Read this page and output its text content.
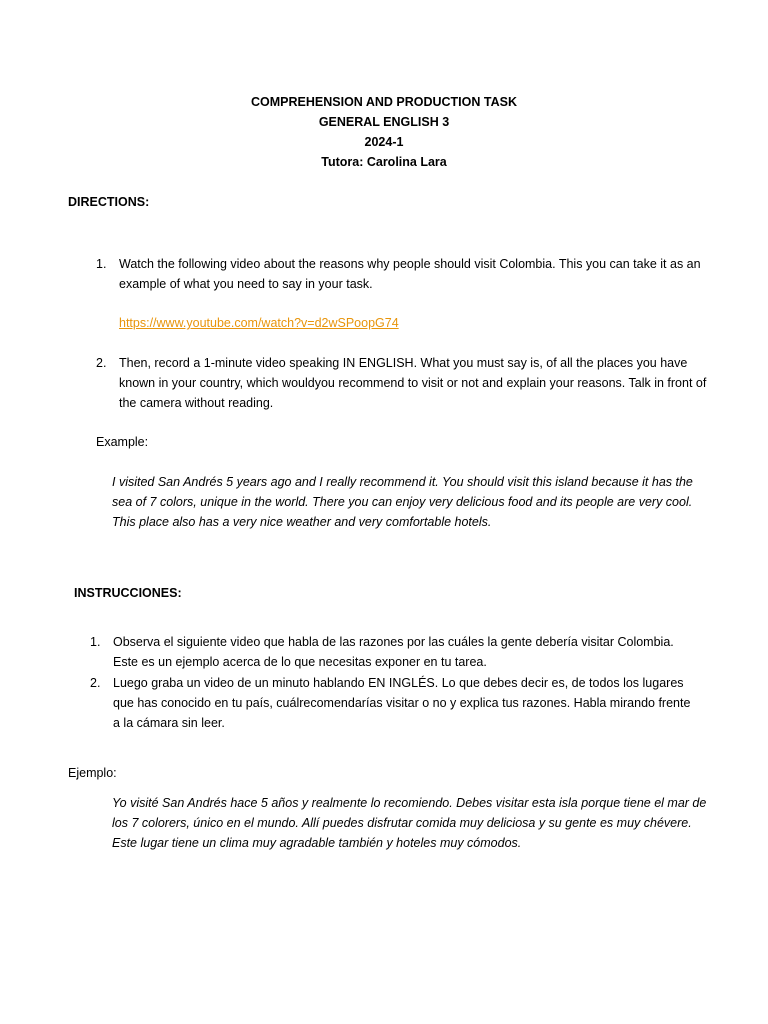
COMPREHENSION AND PRODUCTION TASK
GENERAL ENGLISH 3
2024-1
Tutora: Carolina Lara
DIRECTIONS:
1.	Watch the following video about the reasons why people should visit Colombia. This you can take it as an example of what you need to say in your task.
https://www.youtube.com/watch?v=d2wSPoopG74
2.	Then, record a 1-minute video speaking IN ENGLISH. What you must say is, of all the places you have known in your country, which wouldyou recommend to visit or not and explain your reasons. Talk in front of the camera without reading.
Example:
I visited San Andrés 5 years ago and I really recommend it. You should visit this island because it has the sea of 7 colors, unique in the world. There you can enjoy very delicious food and its people are very cool. This place also has a very nice weather and very comfortable hotels.
INSTRUCCIONES:
1.	Observa el siguiente video que habla de las razones por las cuáles la gente debería visitar Colombia. Este es un ejemplo acerca de lo que necesitas exponer en tu tarea.
2.	Luego graba un video de un minuto hablando EN INGLÉS. Lo que debes decir es, de todos los lugares que has conocido en tu país, cuálrecomendarías visitar o no y explica tus razones. Habla mirando frente a la cámara sin leer.
Ejemplo:
Yo visité San Andrés hace 5 años y realmente lo recomiendo. Debes visitar esta isla porque tiene el mar de los 7 colorers, único en el mundo. Allí puedes disfrutar comida muy deliciosa y su gente es muy chévere. Este lugar tiene un clima muy agradable también y hoteles muy cómodos.
